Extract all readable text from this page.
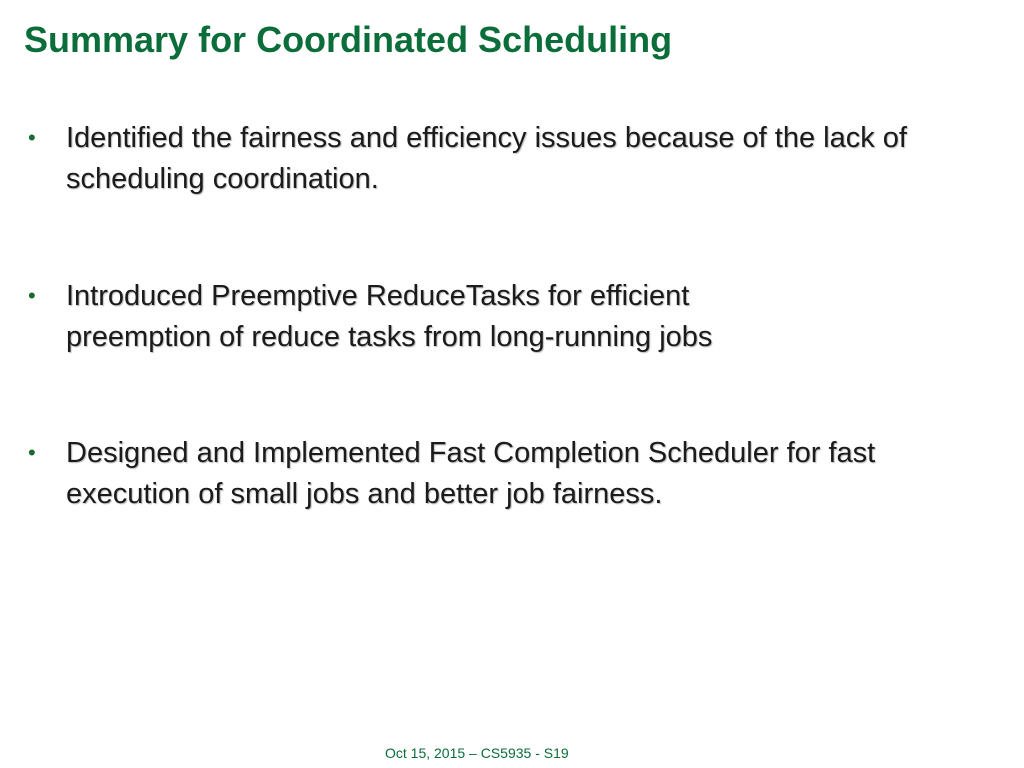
Summary for Coordinated Scheduling
•	Identified the fairness and efficiency issues because of the lack of scheduling coordination.
•	Introduced Preemptive ReduceTasks for efficient preemption of reduce tasks from long-running jobs
•	Designed and Implemented Fast Completion Scheduler for fast execution of small jobs and better job fairness.
Oct 15, 2015 – CS5935 - S19
